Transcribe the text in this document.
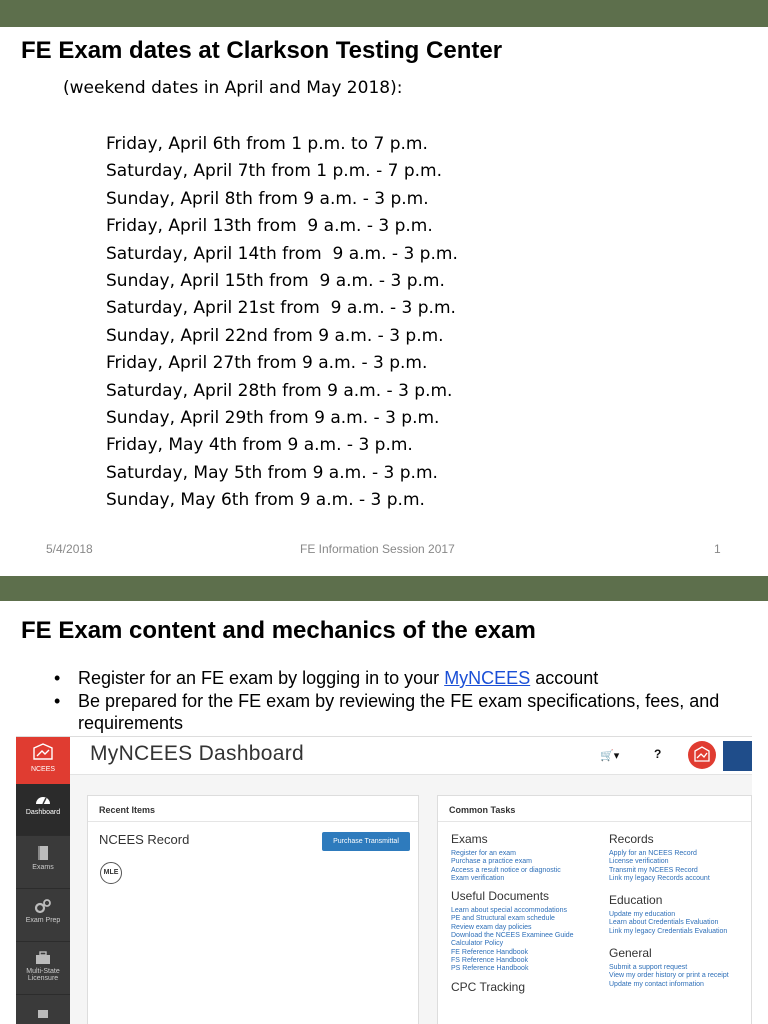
FE Exam dates at Clarkson Testing Center
(weekend dates in April and May 2018):
Friday, April 6th from 1 p.m. to 7 p.m.
Saturday, April 7th from 1 p.m. - 7 p.m.
Sunday, April 8th from 9 a.m. - 3 p.m.
Friday, April 13th from  9 a.m. - 3 p.m.
Saturday, April 14th from  9 a.m. - 3 p.m.
Sunday, April 15th from  9 a.m. - 3 p.m.
Saturday, April 21st from  9 a.m. - 3 p.m.
Sunday, April 22nd from 9 a.m. - 3 p.m.
Friday, April 27th from 9 a.m. - 3 p.m.
Saturday, April 28th from 9 a.m. - 3 p.m.
Sunday, April 29th from 9 a.m. - 3 p.m.
Friday, May 4th from 9 a.m. - 3 p.m.
Saturday, May 5th from 9 a.m. - 3 p.m.
Sunday, May 6th from 9 a.m. - 3 p.m.
5/4/2018	FE Information Session 2017	1
FE Exam content and mechanics of the exam
• Register for an FE exam by logging in to your MyNCEES account
• Be prepared for the FE exam by reviewing the FE exam specifications, fees, and requirements
NCEES
Dashboard
Exams
Exam Prep
Multi-State Licensure
MyNCEES Dashboard	🛒▾	?
Recent Items
NCEES Record	Purchase Transmittal
MLE
Common Tasks
Exams
Register for an exam
Purchase a practice exam
Access a result notice or diagnostic
Exam verification
Useful Documents
Learn about special accommodations
PE and Structural exam schedule
Review exam day policies
Download the NCEES Examinee Guide
Calculator Policy
FE Reference Handbook
FS Reference Handbook
PS Reference Handbook
CPC Tracking
Records
Apply for an NCEES Record
License verification
Transmit my NCEES Record
Link my legacy Records account
Education
Update my education
Learn about Credentials Evaluation
Link my legacy Credentials Evaluation
General
Submit a support request
View my order history or print a receipt
Update my contact information
